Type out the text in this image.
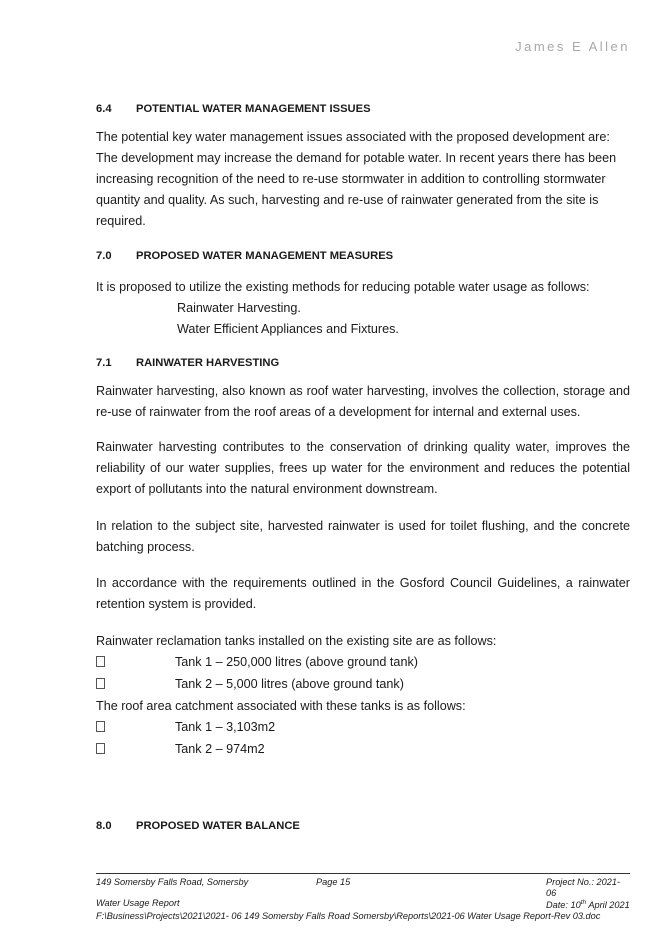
James E Allen
6.4 POTENTIAL WATER MANAGEMENT ISSUES
The potential key water management issues associated with the proposed development are: The development may increase the demand for potable water. In recent years there has been increasing recognition of the need to re-use stormwater in addition to controlling stormwater quantity and quality. As such, harvesting and re-use of rainwater generated from the site is required.
7.0 PROPOSED WATER MANAGEMENT MEASURES
It is proposed to utilize the existing methods for reducing potable water usage as follows:
Rainwater Harvesting.
Water Efficient Appliances and Fixtures.
7.1 RAINWATER HARVESTING
Rainwater harvesting, also known as roof water harvesting, involves the collection, storage and re-use of rainwater from the roof areas of a development for internal and external uses.
Rainwater harvesting contributes to the conservation of drinking quality water, improves the reliability of our water supplies, frees up water for the environment and reduces the potential export of pollutants into the natural environment downstream.
In relation to the subject site, harvested rainwater is used for toilet flushing, and the concrete batching process.
In accordance with the requirements outlined in the Gosford Council Guidelines, a rainwater retention system is provided.
Rainwater reclamation tanks installed on the existing site are as follows:
Tank 1 – 250,000 litres (above ground tank)
Tank 2 – 5,000 litres (above ground tank)
The roof area catchment associated with these tanks is as follows:
Tank 1 – 3,103m2
Tank 2 – 974m2
8.0 PROPOSED WATER BALANCE
149 Somersby Falls Road, Somersby	Page 15	Project No.: 2021-06
Water Usage Report	Date: 10th April 2021
F:\Business\Projects\2021\2021- 06 149 Somersby Falls Road Somersby\Reports\2021-06 Water Usage Report-Rev 03.doc
